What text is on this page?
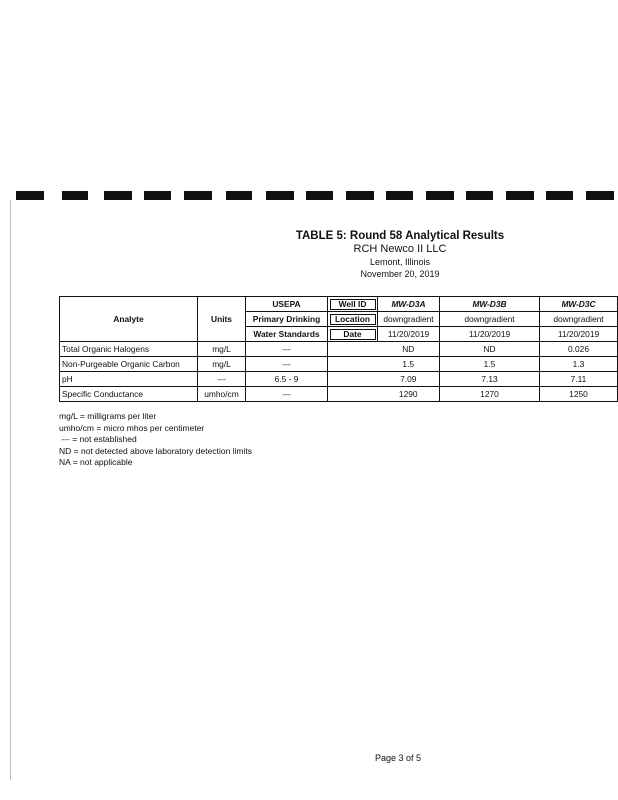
TABLE 5: Round 58 Analytical Results
RCH Newco II LLC
Lemont, Illinois
November 20, 2019
Analyte	Units	USEPA	Well ID	MW-D3A	MW-D3B	MW-D3C
		Primary Drinking	Location	downgradient	downgradient	downgradient
		Water Standards	Date	11/20/2019	11/20/2019	11/20/2019
Total Organic Halogens	mg/L	---		ND	ND	0.026
Non-Purgeable Organic Carbon	mg/L	---		1.5	1.5	1.3
pH	---	6.5 - 9		7.09	7.13	7.11
Specific Conductance	umho/cm	---		1290	1270	1250
mg/L = milligrams per liter
umho/cm = micro mhos per centimeter
--- = not established
ND = not detected above laboratory detection limits
NA = not applicable
Page 3 of 5
